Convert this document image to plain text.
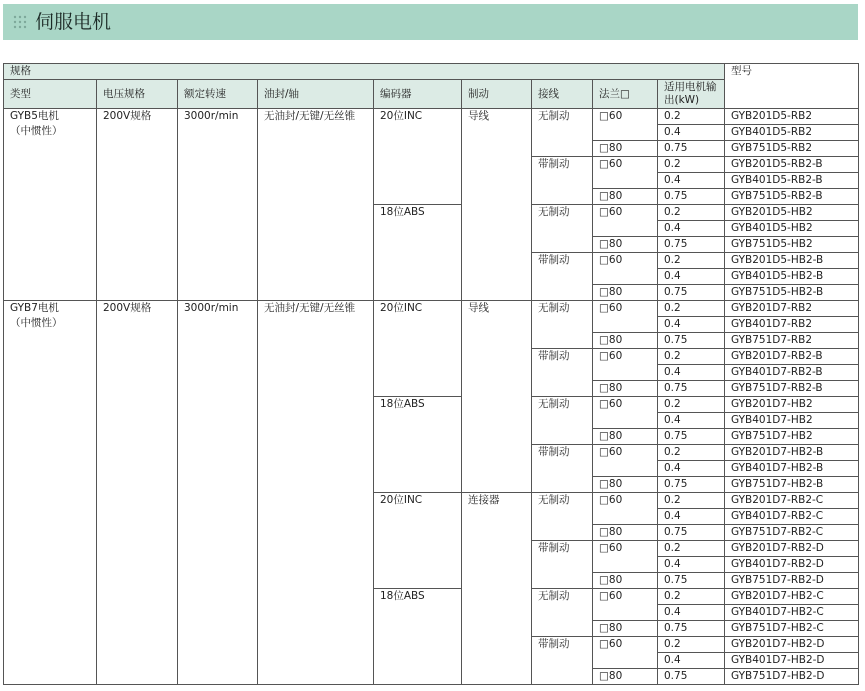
伺服电机
规格									型号
类型	电压规格	额定转速	油封/轴	编码器	制动	接线	法兰□	适用电机输出(kW)	

GYB5电机
（中惯性）	200V规格	3000r/min	无油封/无键/无丝锥	20位INC	导线	无制动	□60	0.2	GYB201D5-RB2
								0.4	GYB401D5-RB2
							□80	0.75	GYB751D5-RB2
						带制动	□60	0.2	GYB201D5-RB2-B
								0.4	GYB401D5-RB2-B
							□80	0.75	GYB751D5-RB2-B
				18位ABS		无制动	□60	0.2	GYB201D5-HB2
								0.4	GYB401D5-HB2
							□80	0.75	GYB751D5-HB2
						带制动	□60	0.2	GYB201D5-HB2-B
								0.4	GYB401D5-HB2-B
							□80	0.75	GYB751D5-HB2-B

GYB7电机
（中惯性）	200V规格	3000r/min	无油封/无键/无丝锥	20位INC	导线	无制动	□60	0.2	GYB201D7-RB2
								0.4	GYB401D7-RB2
							□80	0.75	GYB751D7-RB2
						带制动	□60	0.2	GYB201D7-RB2-B
								0.4	GYB401D7-RB2-B
							□80	0.75	GYB751D7-RB2-B
				18位ABS		无制动	□60	0.2	GYB201D7-HB2
								0.4	GYB401D7-HB2
							□80	0.75	GYB751D7-HB2
						带制动	□60	0.2	GYB201D7-HB2-B
								0.4	GYB401D7-HB2-B
							□80	0.75	GYB751D7-HB2-B
				20位INC	连接器	无制动	□60	0.2	GYB201D7-RB2-C
								0.4	GYB401D7-RB2-C
							□80	0.75	GYB751D7-RB2-C
						带制动	□60	0.2	GYB201D7-RB2-D
								0.4	GYB401D7-RB2-D
							□80	0.75	GYB751D7-RB2-D
				18位ABS		无制动	□60	0.2	GYB201D7-HB2-C
								0.4	GYB401D7-HB2-C
							□80	0.75	GYB751D7-HB2-C
						带制动	□60	0.2	GYB201D7-HB2-D
								0.4	GYB401D7-HB2-D
							□80	0.75	GYB751D7-HB2-D
